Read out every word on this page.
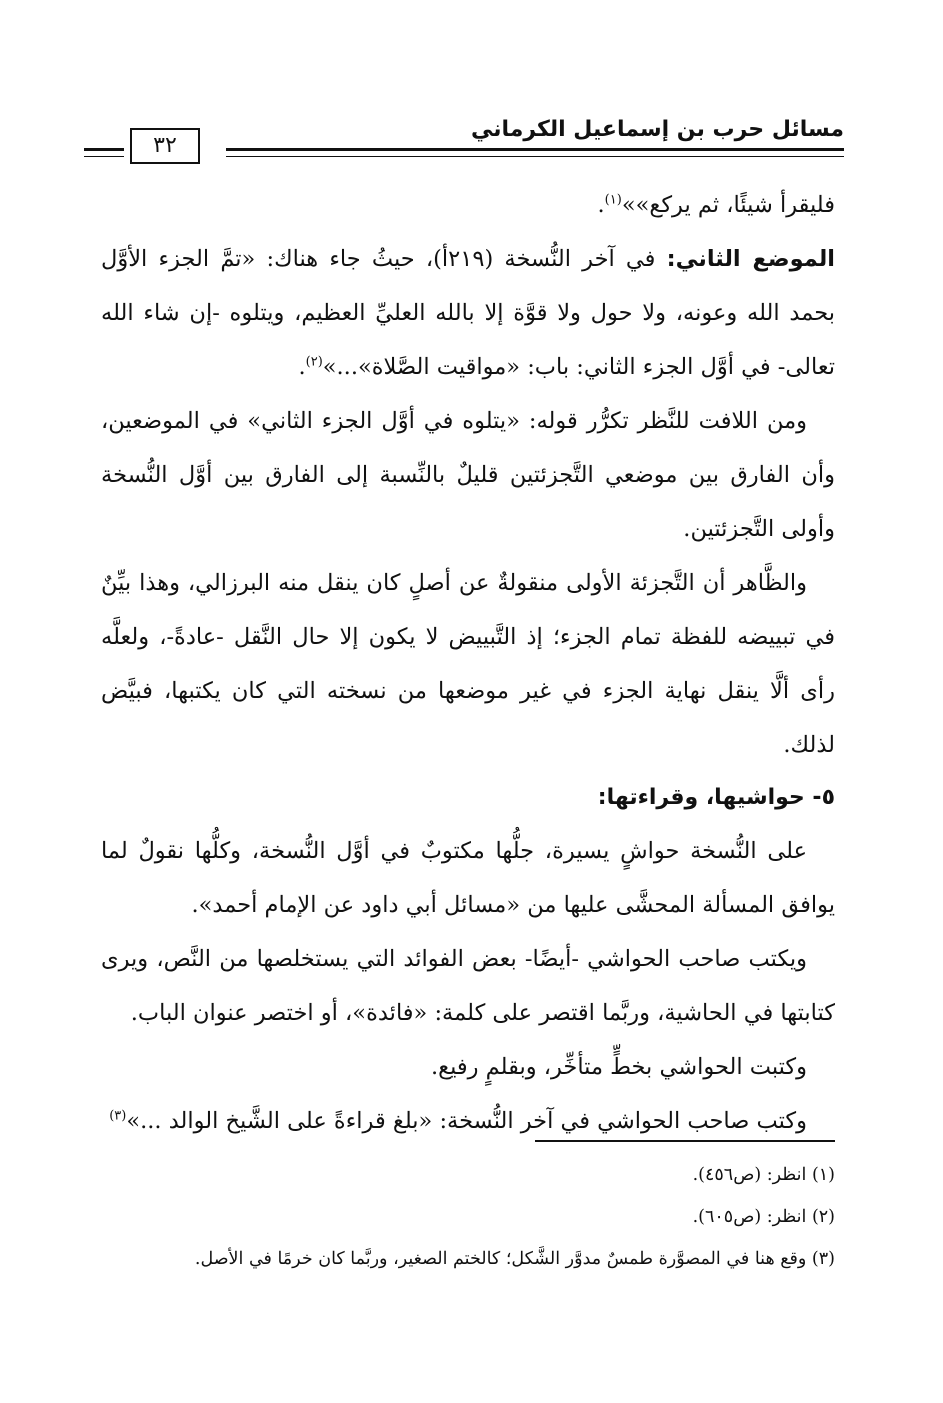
مسائل حرب بن إسماعيل الكرماني
٣٢

فليقرأ شيئًا، ثم يركع»»$^{(١)}$.

الموضع الثاني: في آخر النُّسخة (٢١٩أ)، حيثُ جاء هناك: «تمَّ الجزء الأوَّل بحمد الله وعونه، ولا حول ولا قوَّة إلا بالله العليِّ العظيم، ويتلوه -إن شاء الله تعالى- في أوَّل الجزء الثاني: باب: «مواقيت الصَّلاة»...»$^{(٢)}$.

ومن اللافت للنَّظر تكرُّر قوله: «يتلوه في أوَّل الجزء الثاني» في الموضعين، وأن الفارق بين موضعي التَّجزئتين قليلٌ بالنِّسبة إلى الفارق بين أوَّل النُّسخة وأولى التَّجزئتين.

والظَّاهر أن التَّجزئة الأولى منقولةٌ عن أصلٍ كان ينقل منه البرزالي، وهذا بيِّنٌ في تبييضه للفظة تمام الجزء؛ إذ التَّبييض لا يكون إلا حال النَّقل -عادةً-، ولعلَّه رأى ألَّا ينقل نهاية الجزء في غير موضعها من نسخته التي كان يكتبها، فبيَّض لذلك.

٥- حواشيها، وقراءتها:

على النُّسخة حواشٍ يسيرة، جلُّها مكتوبٌ في أوَّل النُّسخة، وكلُّها نقولٌ لما يوافق المسألة المحشَّى عليها من «مسائل أبي داود عن الإمام أحمد».

ويكتب صاحب الحواشي -أيضًا- بعض الفوائد التي يستخلصها من النَّص، ويرى كتابتها في الحاشية، وربَّما اقتصر على كلمة: «فائدة»، أو اختصر عنوان الباب.

وكتبت الحواشي بخطٍّ متأخِّر، وبقلمٍ رفيع.

وكتب صاحب الحواشي في آخر النُّسخة: «بلغ قراءةً على الشَّيخ الوالد ...»$^{(٣)}$

(١) انظر: (ص٤٥٦).

(٢) انظر: (ص٦٠٥).

(٣) وقع هنا في المصوَّرة طمسٌ مدوَّر الشَّكل؛ كالختم الصغير، وربَّما كان خرمًا في الأصل.
